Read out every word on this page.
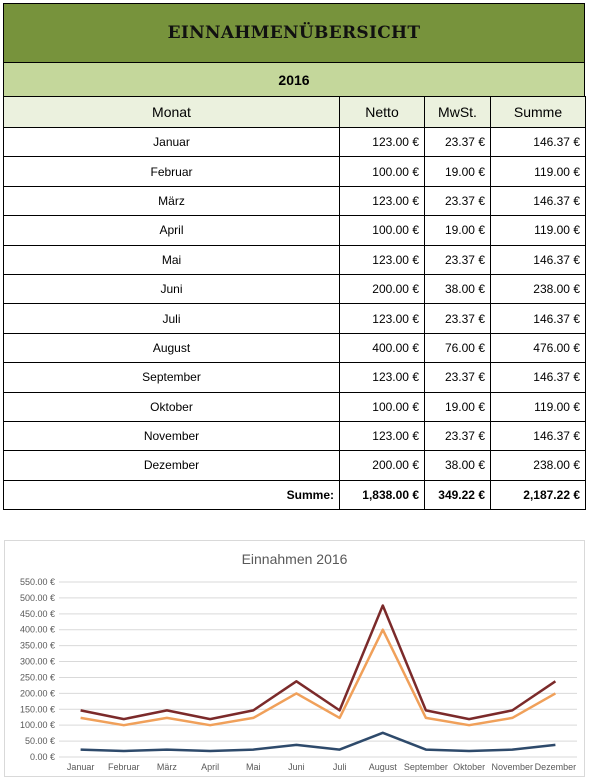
EINNAHMENÜBERSICHT
2016
Monat	Netto	MwSt.	Summe
Januar	123.00 €	23.37 €	146.37 €
Februar	100.00 €	19.00 €	119.00 €
März	123.00 €	23.37 €	146.37 €
April	100.00 €	19.00 €	119.00 €
Mai	123.00 €	23.37 €	146.37 €
Juni	200.00 €	38.00 €	238.00 €
Juli	123.00 €	23.37 €	146.37 €
August	400.00 €	76.00 €	476.00 €
September	123.00 €	23.37 €	146.37 €
Oktober	100.00 €	19.00 €	119.00 €
November	123.00 €	23.37 €	146.37 €
Dezember	200.00 €	38.00 €	238.00 €
Summe:	1,838.00 €	349.22 €	2,187.22 €
Einnahmen 2016
0.00 €
50.00 €
100.00 €
150.00 €
200.00 €
250.00 €
300.00 €
350.00 €
400.00 €
450.00 €
500.00 €
550.00 €
Januar Februar März	April	Mai	Juni	Juli August September Oktober November Dezember
